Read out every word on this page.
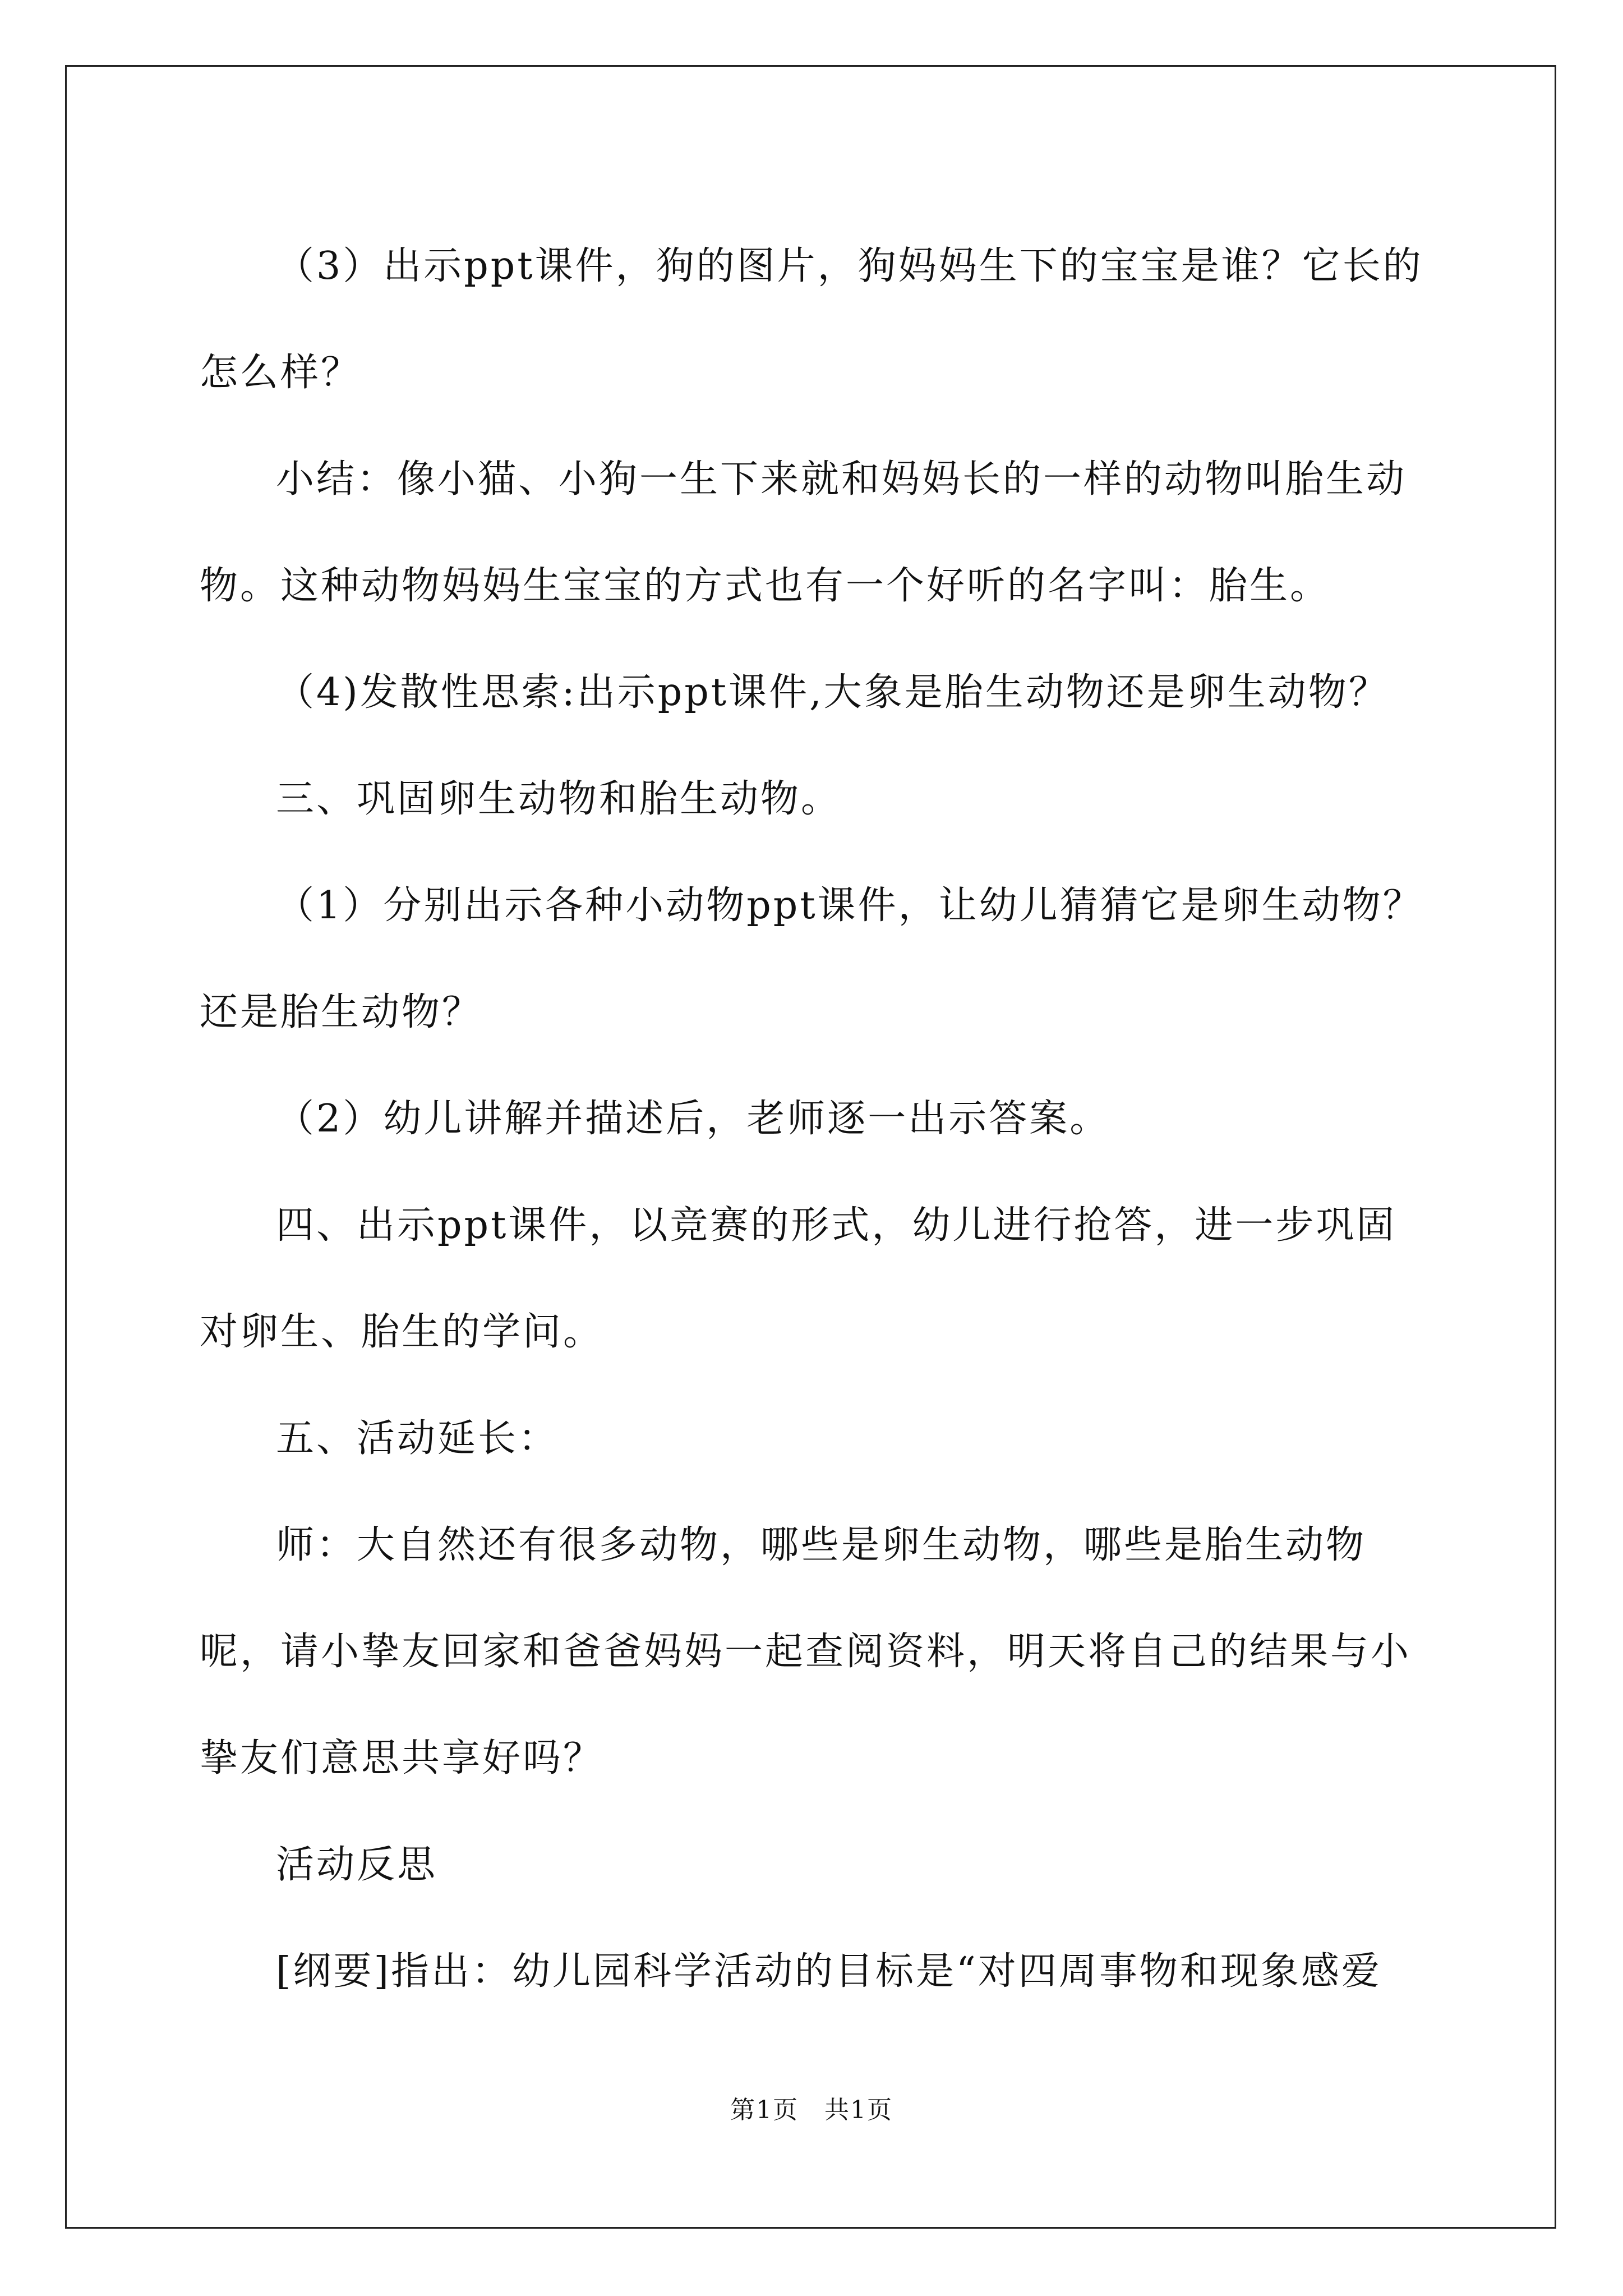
（3）出示ppt课件，狗的图片，狗妈妈生下的宝宝是谁？它长的怎么样？

小结：像小猫、小狗一生下来就和妈妈长的一样的动物叫胎生动物。这种动物妈妈生宝宝的方式也有一个好听的名字叫：胎生。

（4)发散性思索:出示ppt课件,大象是胎生动物还是卵生动物？

三、巩固卵生动物和胎生动物。

（1）分别出示各种小动物ppt课件，让幼儿猜猜它是卵生动物？还是胎生动物？

（2）幼儿讲解并描述后，老师逐一出示答案。

四、出示ppt课件，以竞赛的形式，幼儿进行抢答，进一步巩固对卵生、胎生的学问。

五、活动延长：

师：大自然还有很多动物，哪些是卵生动物，哪些是胎生动物呢，请小挚友回家和爸爸妈妈一起查阅资料，明天将自己的结果与小挚友们意思共享好吗？

活动反思

[纲要]指出：幼儿园科学活动的目标是“对四周事物和现象感爱

第1页　共1页
